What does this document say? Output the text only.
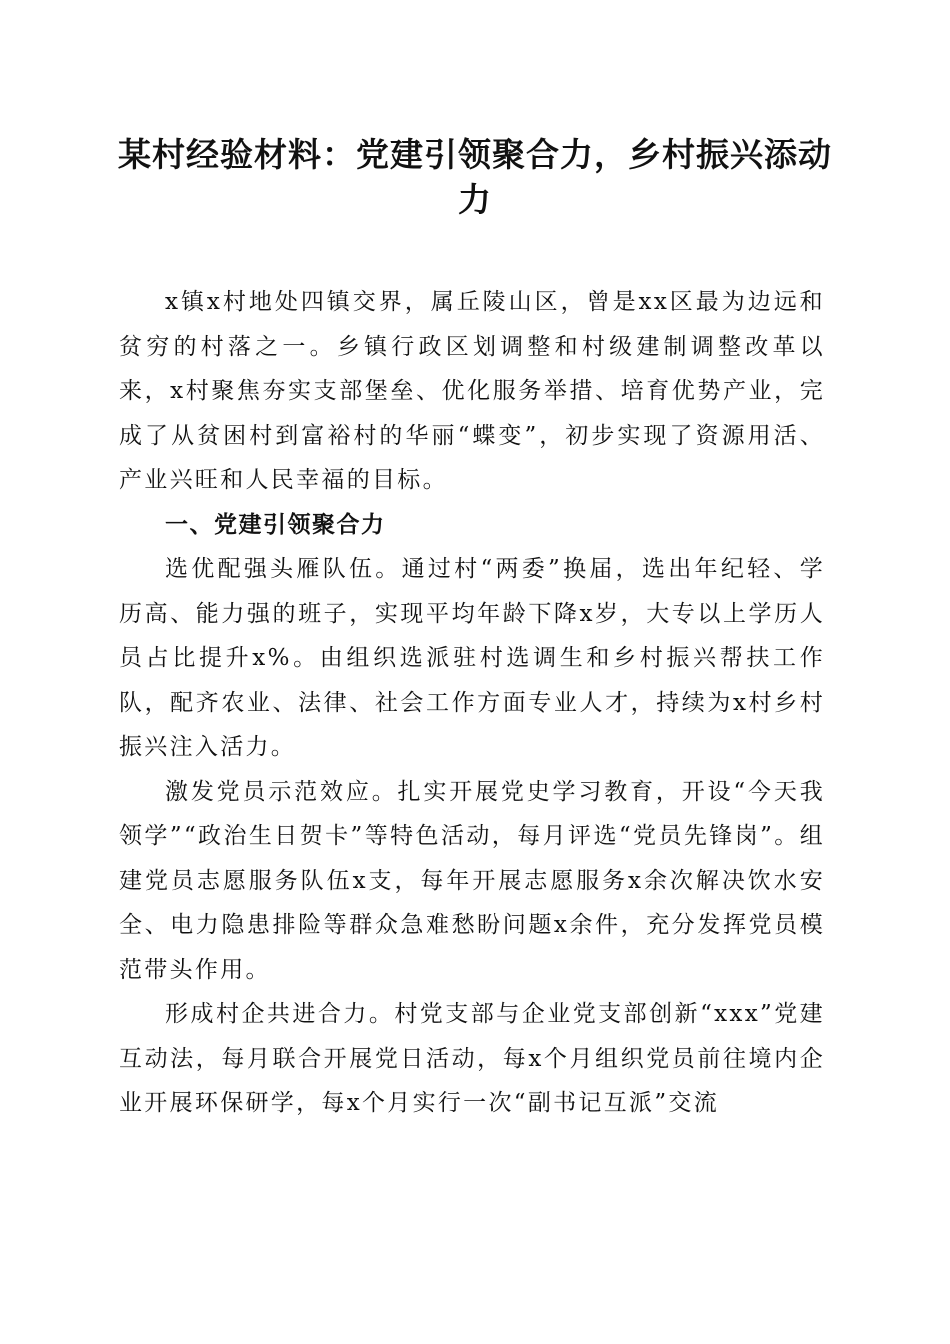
某村经验材料：党建引领聚合力，乡村振兴添动力

x镇x村地处四镇交界，属丘陵山区，曾是xx区最为边远和贫穷的村落之一。乡镇行政区划调整和村级建制调整改革以来，x村聚焦夯实支部堡垒、优化服务举措、培育优势产业，完成了从贫困村到富裕村的华丽“蝶变”，初步实现了资源用活、产业兴旺和人民幸福的目标。

一、党建引领聚合力

选优配强头雁队伍。通过村“两委”换届，选出年纪轻、学历高、能力强的班子，实现平均年龄下降x岁，大专以上学历人员占比提升x%。由组织选派驻村选调生和乡村振兴帮扶工作队，配齐农业、法律、社会工作方面专业人才，持续为x村乡村振兴注入活力。

激发党员示范效应。扎实开展党史学习教育，开设“今天我领学”“政治生日贺卡”等特色活动，每月评选“党员先锋岗”。组建党员志愿服务队伍x支，每年开展志愿服务x余次解决饮水安全、电力隐患排险等群众急难愁盼问题x余件，充分发挥党员模范带头作用。

形成村企共进合力。村党支部与企业党支部创新“xxx”党建互动法，每月联合开展党日活动，每x个月组织党员前往境内企业开展环保研学，每x个月实行一次“副书记互派”交流
